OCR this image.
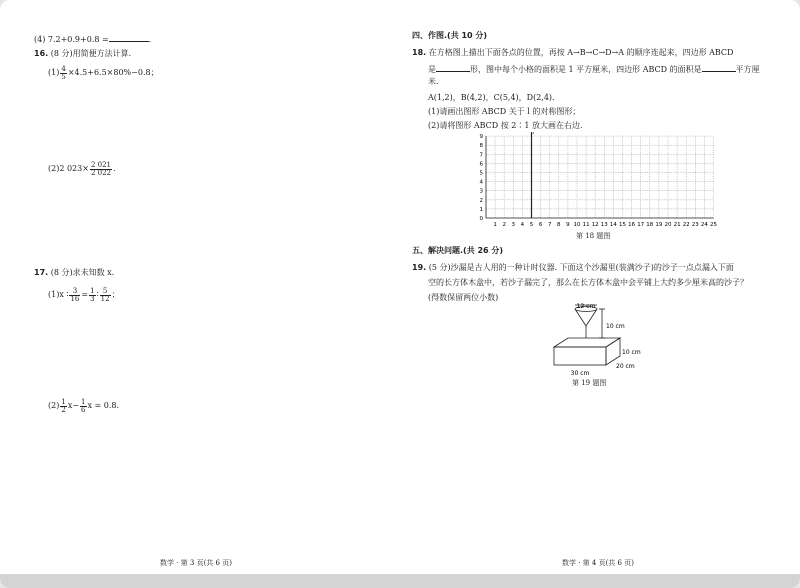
(4) 7.2+0.9+0.8 =	.
16. (8 分)用简便方法计算.
$(1) \frac{4}{5} \times 4.5+6.5\times 80\%-0.8$；
(2)2 $023\times \frac{2 021}{2 022}$ .
17. (8 分)求未知数 x.
(1)x ∶ $\frac{3}{16} = \frac{1}{3}$ ∶ $\frac{5}{12}$ ；
$(2) \frac{1}{2} x- \frac{1}{6}$ x = 0.8.
数学 · 第 3 页(共 6 页)
四、作图.(共 10 分)
18. 在方格图上描出下面各点的位置，再按 A→B→C→D→A 的顺序连起来，四边形 ABCD
是	形，图中每个小格的面积是 1 平方厘米，四边形 ABCD 的面积是	平方厘
米.
A(1,2)，B(4,2)，C(5,4)，D(2,4).
(1)请画出图形 ABCD 关于 l 的对称图形；
(2)请将图形 ABCD 按 2∶1 放大画在右边.
l
1 2 3 4 5 6 7 8 9 10 11 12 13 14 15 16 17 18 19 20 21 22 23 24 25
0
1
2
3
4
5
6
7
8
9
第 18 题图
五、解决问题.(共 26 分)
19. (5 分)沙漏是古人用的一种计时仪器. 下面这个沙漏里(装满沙子)的沙子一点点漏入下面
空的长方体木盒中，若沙子漏完了，那么在长方体木盒中会平铺上大约多少厘米高的沙子？
(得数保留两位小数)
12 cm
10 cm
10 cm
20 cm
30 cm
第 19 题图
数学 · 第 4 页(共 6 页)
